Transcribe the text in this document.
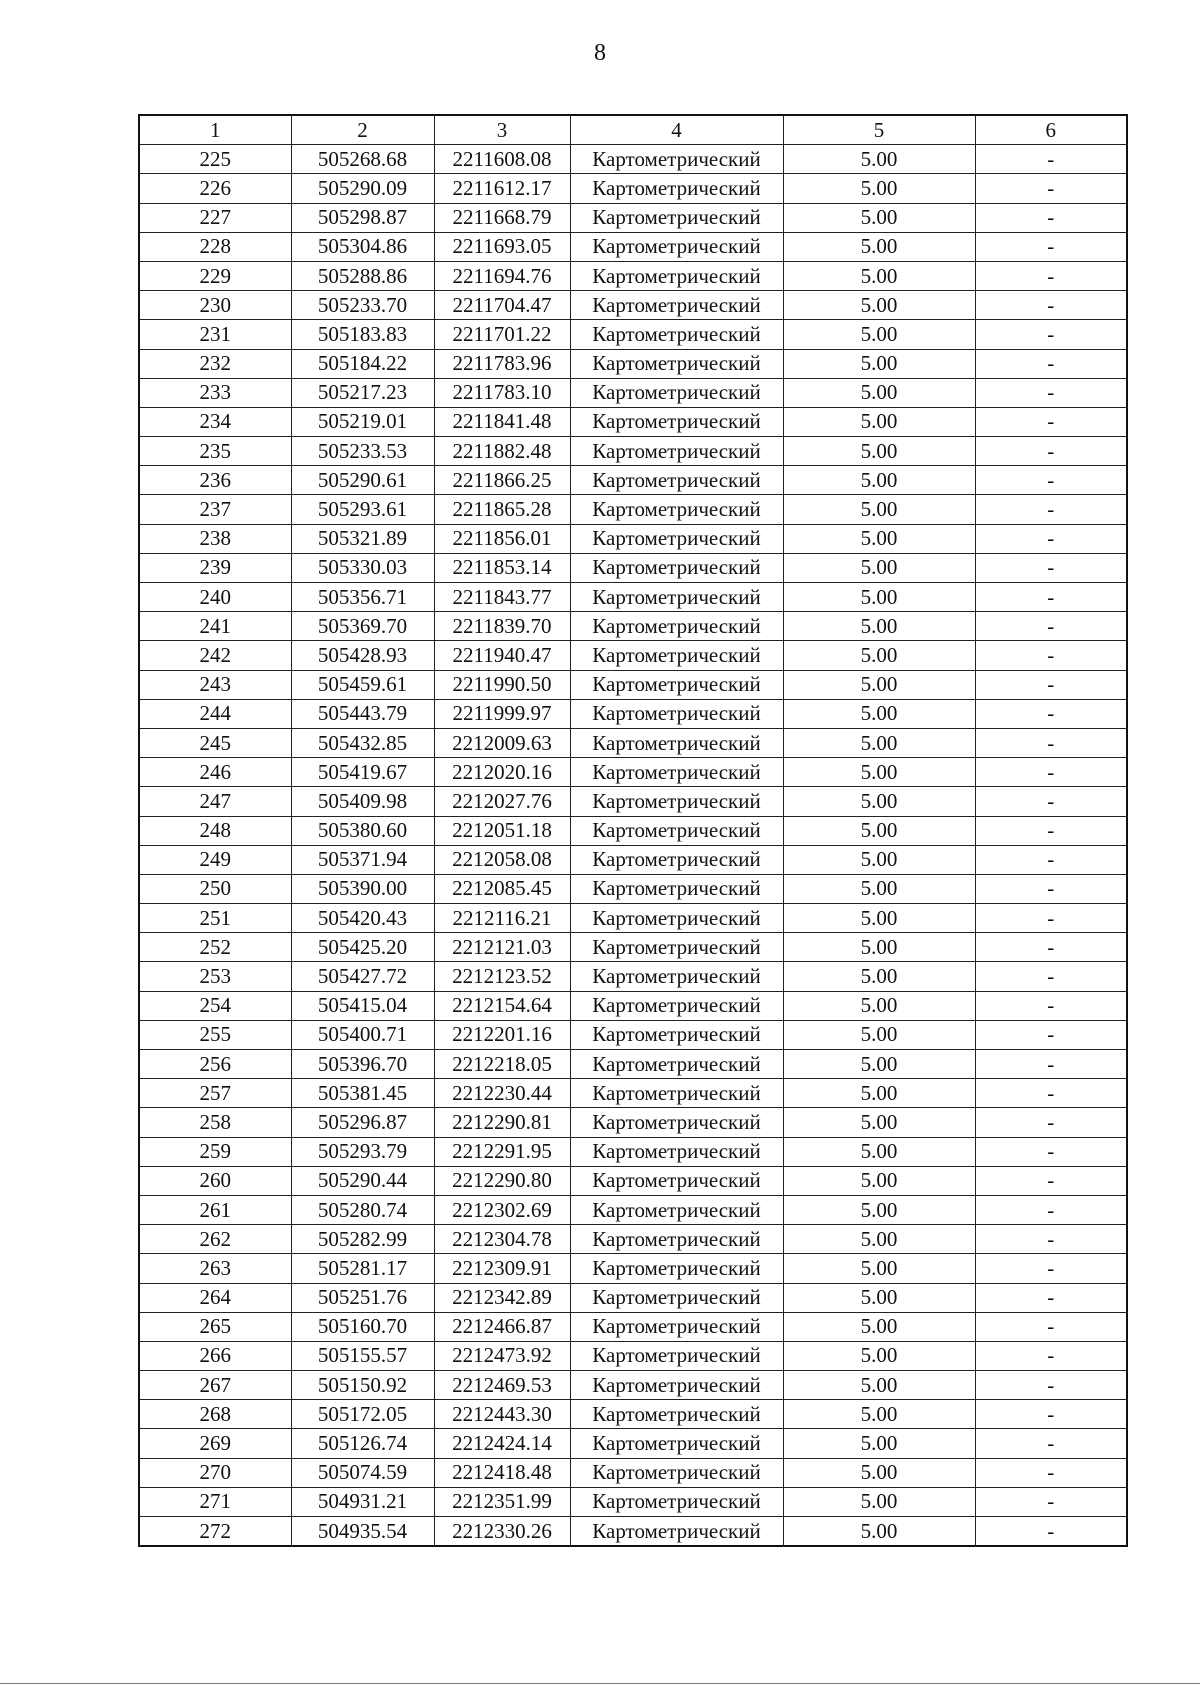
8
1	2	3	4	5	6
225	505268.68	2211608.08	Картометрический	5.00	-
226	505290.09	2211612.17	Картометрический	5.00	-
227	505298.87	2211668.79	Картометрический	5.00	-
228	505304.86	2211693.05	Картометрический	5.00	-
229	505288.86	2211694.76	Картометрический	5.00	-
230	505233.70	2211704.47	Картометрический	5.00	-
231	505183.83	2211701.22	Картометрический	5.00	-
232	505184.22	2211783.96	Картометрический	5.00	-
233	505217.23	2211783.10	Картометрический	5.00	-
234	505219.01	2211841.48	Картометрический	5.00	-
235	505233.53	2211882.48	Картометрический	5.00	-
236	505290.61	2211866.25	Картометрический	5.00	-
237	505293.61	2211865.28	Картометрический	5.00	-
238	505321.89	2211856.01	Картометрический	5.00	-
239	505330.03	2211853.14	Картометрический	5.00	-
240	505356.71	2211843.77	Картометрический	5.00	-
241	505369.70	2211839.70	Картометрический	5.00	-
242	505428.93	2211940.47	Картометрический	5.00	-
243	505459.61	2211990.50	Картометрический	5.00	-
244	505443.79	2211999.97	Картометрический	5.00	-
245	505432.85	2212009.63	Картометрический	5.00	-
246	505419.67	2212020.16	Картометрический	5.00	-
247	505409.98	2212027.76	Картометрический	5.00	-
248	505380.60	2212051.18	Картометрический	5.00	-
249	505371.94	2212058.08	Картометрический	5.00	-
250	505390.00	2212085.45	Картометрический	5.00	-
251	505420.43	2212116.21	Картометрический	5.00	-
252	505425.20	2212121.03	Картометрический	5.00	-
253	505427.72	2212123.52	Картометрический	5.00	-
254	505415.04	2212154.64	Картометрический	5.00	-
255	505400.71	2212201.16	Картометрический	5.00	-
256	505396.70	2212218.05	Картометрический	5.00	-
257	505381.45	2212230.44	Картометрический	5.00	-
258	505296.87	2212290.81	Картометрический	5.00	-
259	505293.79	2212291.95	Картометрический	5.00	-
260	505290.44	2212290.80	Картометрический	5.00	-
261	505280.74	2212302.69	Картометрический	5.00	-
262	505282.99	2212304.78	Картометрический	5.00	-
263	505281.17	2212309.91	Картометрический	5.00	-
264	505251.76	2212342.89	Картометрический	5.00	-
265	505160.70	2212466.87	Картометрический	5.00	-
266	505155.57	2212473.92	Картометрический	5.00	-
267	505150.92	2212469.53	Картометрический	5.00	-
268	505172.05	2212443.30	Картометрический	5.00	-
269	505126.74	2212424.14	Картометрический	5.00	-
270	505074.59	2212418.48	Картометрический	5.00	-
271	504931.21	2212351.99	Картометрический	5.00	-
272	504935.54	2212330.26	Картометрический	5.00	-
